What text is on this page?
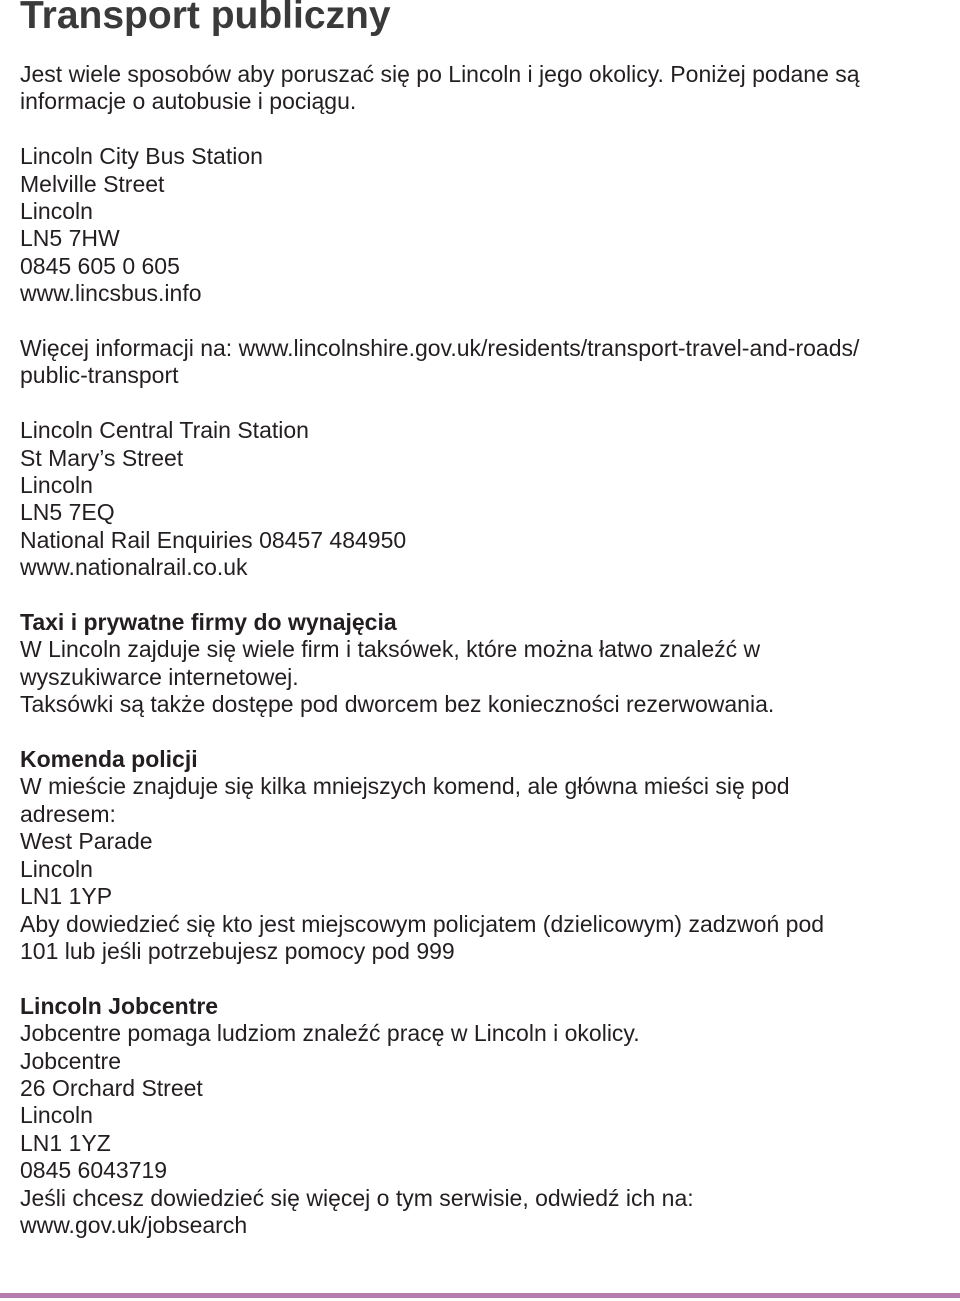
Transport publiczny
Jest wiele sposobów aby poruszać się po Lincoln i jego okolicy. Poniżej podane są
informacje o autobusie i pociągu.
Lincoln City Bus Station
Melville Street
Lincoln
LN5 7HW
0845 605 0 605
www.lincsbus.info
Więcej informacji na: www.lincolnshire.gov.uk/residents/transport-travel-and-roads/
public-transport
Lincoln Central Train Station
St Mary’s Street
Lincoln
LN5 7EQ
National Rail Enquiries 08457 484950
www.nationalrail.co.uk
Taxi i prywatne firmy do wynajęcia
W Lincoln zajduje się wiele firm i taksówek, które można łatwo znaleźć w
wyszukiwarce internetowej.
Taksówki są także dostępe pod dworcem bez konieczności rezerwowania.
Komenda policji
W mieście znajduje się kilka mniejszych komend, ale główna mieści się pod
adresem:
West Parade
Lincoln
LN1 1YP
Aby dowiedzieć się kto jest miejscowym policjatem (dzielicowym) zadzwoń pod
101 lub jeśli potrzebujesz pomocy pod 999
Lincoln Jobcentre
Jobcentre pomaga ludziom znaleźć pracę w Lincoln i okolicy.
Jobcentre
26 Orchard Street
Lincoln
LN1 1YZ
0845 6043719
Jeśli chcesz dowiedzieć się więcej o tym serwisie, odwiedź ich na:
www.gov.uk/jobsearch
